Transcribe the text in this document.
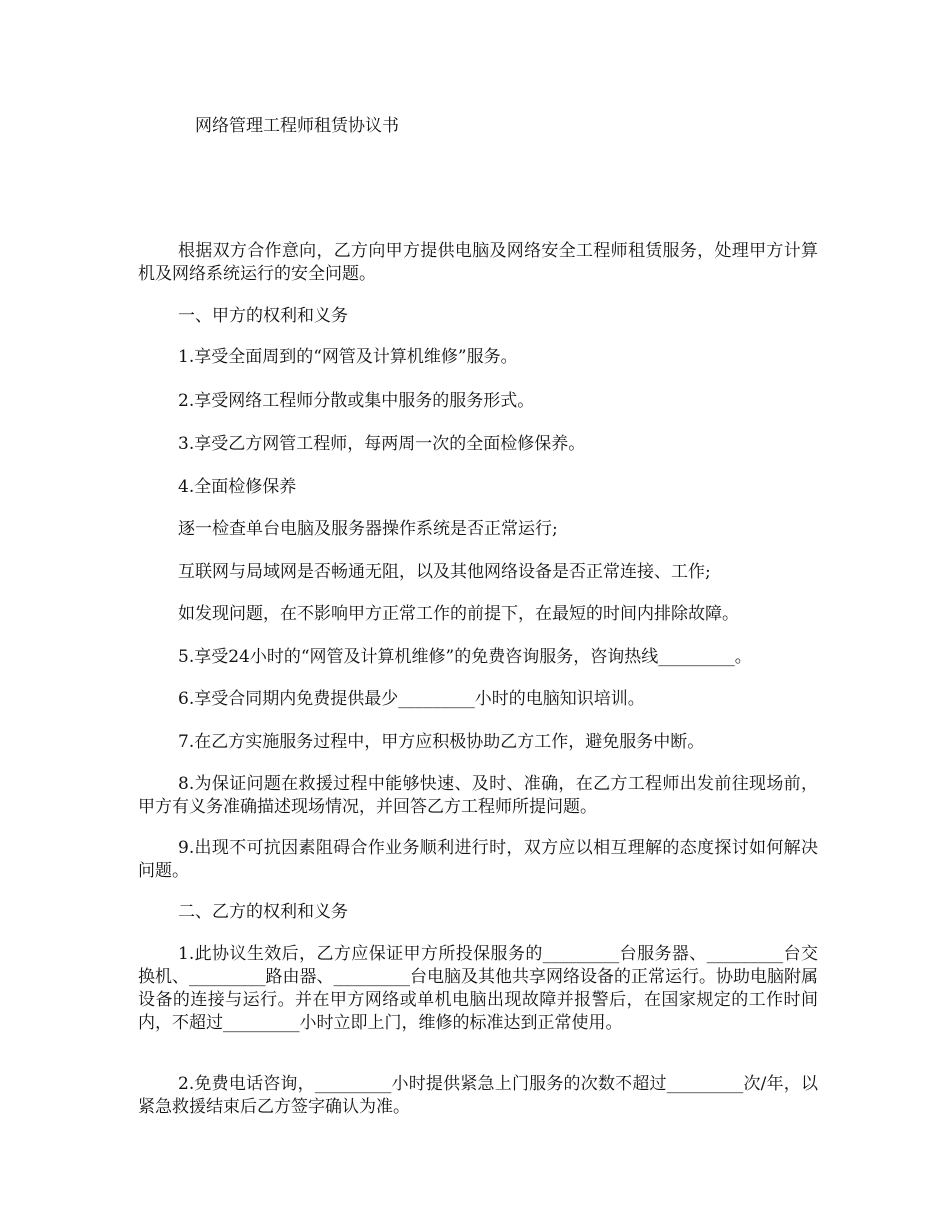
网络管理工程师租赁协议书

根据双方合作意向，乙方向甲方提供电脑及网络安全工程师租赁服务，处理甲方计算机及网络系统运行的安全问题。

一、甲方的权利和义务

1.享受全面周到的“网管及计算机维修”服务。

2.享受网络工程师分散或集中服务的服务形式。

3.享受乙方网管工程师，每两周一次的全面检修保养。

4.全面检修保养

逐一检查单台电脑及服务器操作系统是否正常运行;

互联网与局域网是否畅通无阻，以及其他网络设备是否正常连接、工作;

如发现问题，在不影响甲方正常工作的前提下，在最短的时间内排除故障。

5.享受24小时的“网管及计算机维修”的免费咨询服务，咨询热线_________。

6.享受合同期内免费提供最少_________小时的电脑知识培训。

7.在乙方实施服务过程中，甲方应积极协助乙方工作，避免服务中断。

8.为保证问题在救援过程中能够快速、及时、准确，在乙方工程师出发前往现场前，甲方有义务准确描述现场情况，并回答乙方工程师所提问题。

9.出现不可抗因素阻碍合作业务顺利进行时，双方应以相互理解的态度探讨如何解决问题。

二、乙方的权利和义务

1.此协议生效后，乙方应保证甲方所投保服务的_________台服务器、_________台交换机、_________路由器、_________台电脑及其他共享网络设备的正常运行。协助电脑附属设备的连接与运行。并在甲方网络或单机电脑出现故障并报警后，在国家规定的工作时间内，不超过_________小时立即上门，维修的标准达到正常使用。

2.免费电话咨询，_________小时提供紧急上门服务的次数不超过_________次/年，以紧急救援结束后乙方签字确认为准。
